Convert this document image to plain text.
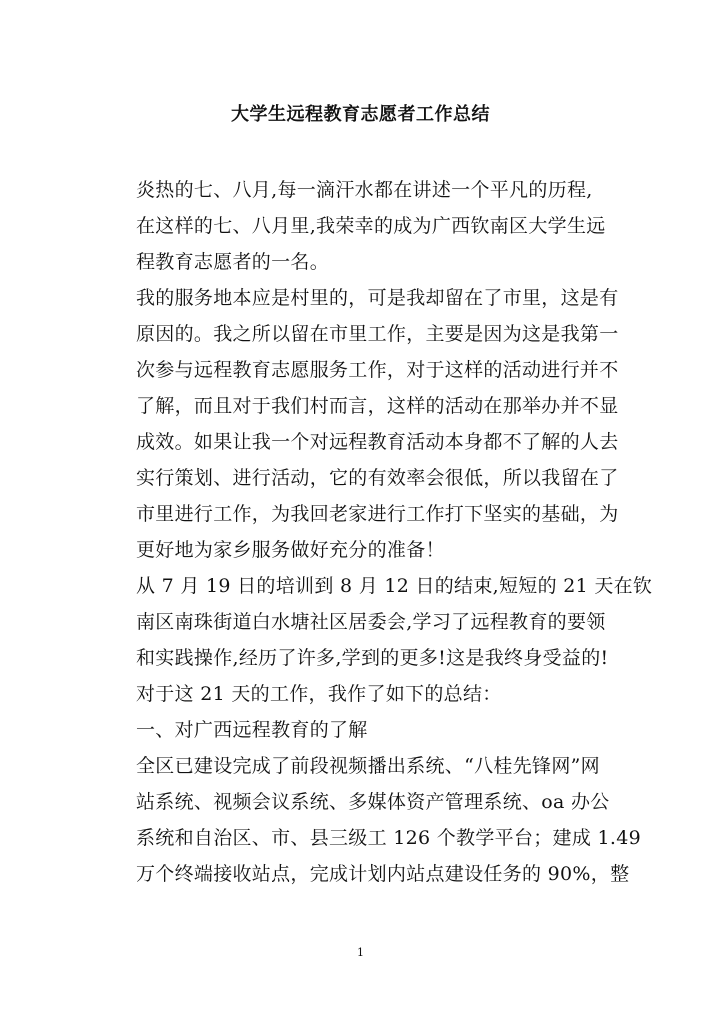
大学生远程教育志愿者工作总结
炎热的七、八月,每一滴汗水都在讲述一个平凡的历程,
在这样的七、八月里,我荣幸的成为广西钦南区大学生远
程教育志愿者的一名。
我的服务地本应是村里的，可是我却留在了市里，这是有
原因的。我之所以留在市里工作，主要是因为这是我第一
次参与远程教育志愿服务工作，对于这样的活动进行并不
了解，而且对于我们村而言，这样的活动在那举办并不显
成效。如果让我一个对远程教育活动本身都不了解的人去
实行策划、进行活动，它的有效率会很低，所以我留在了
市里进行工作，为我回老家进行工作打下坚实的基础，为
更好地为家乡服务做好充分的准备！
从 7 月 19 日的培训到 8 月 12 日的结束,短短的 21 天在钦
南区南珠街道白水塘社区居委会,学习了远程教育的要领
和实践操作,经历了许多,学到的更多!这是我终身受益的!
对于这 21 天的工作，我作了如下的总结：
一、对广西远程教育的了解
全区已建设完成了前段视频播出系统、“八桂先锋网”网
站系统、视频会议系统、多媒体资产管理系统、oa 办公
系统和自治区、市、县三级工 126 个教学平台；建成 1.49
万个终端接收站点，完成计划内站点建设任务的 90%，整
1
